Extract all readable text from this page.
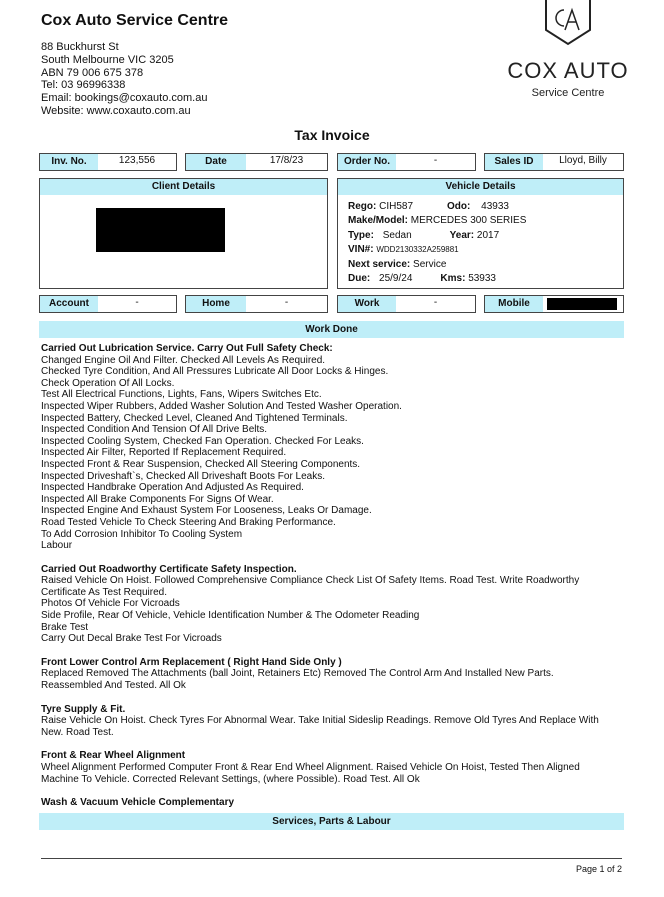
Cox Auto Service Centre
88 Buckhurst St
South Melbourne VIC 3205
ABN 79 006 675 378
Tel: 03 96996338
Email: bookings@coxauto.com.au
Website: www.coxauto.com.au
COX AUTO
Service Centre
Tax Invoice
Inv. No.	123,556	Date	17/8/23	Order No.	-	Sales ID	Lloyd, Billy
Client Details	Vehicle Details
Rego: CIH587	Odo: 43933
Make/Model: MERCEDES 300 SERIES
Type: Sedan	Year: 2017
VIN#: WDD2130332A259881
Next service: Service
Due: 25/9/24	Kms: 53933
Account	-	Home	-	Work	-	Mobile
Work Done
Carried Out Lubrication Service. Carry Out Full Safety Check:
Changed Engine Oil And Filter. Checked All Levels As Required.
Checked Tyre Condition, And All Pressures Lubricate All Door Locks & Hinges.
Check Operation Of All Locks.
Test All Electrical Functions, Lights, Fans, Wipers Switches Etc.
Inspected Wiper Rubbers, Added Washer Solution And Tested Washer Operation.
Inspected Battery, Checked Level, Cleaned And Tightened Terminals.
Inspected Condition And Tension Of All Drive Belts.
Inspected Cooling System, Checked Fan Operation. Checked For Leaks.
Inspected Air Filter, Reported If Replacement Required.
Inspected Front & Rear Suspension, Checked All Steering Components.
Inspected Driveshaft`s, Checked All Driveshaft Boots For Leaks.
Inspected Handbrake Operation And Adjusted As Required.
Inspected All Brake Components For Signs Of Wear.
Inspected Engine And Exhaust System For Looseness, Leaks Or Damage.
Road Tested Vehicle To Check Steering And Braking Performance.
To Add Corrosion Inhibitor To Cooling System
Labour
Carried Out Roadworthy Certificate Safety Inspection.
Raised Vehicle On Hoist. Followed Comprehensive Compliance Check List Of Safety Items. Road Test. Write Roadworthy
Certificate As Test Required.
Photos Of Vehicle For Vicroads
Side Profile, Rear Of Vehicle, Vehicle Identification Number & The Odometer Reading
Brake Test
Carry Out Decal Brake Test For Vicroads
Front Lower Control Arm Replacement ( Right Hand Side Only )
Replaced Removed The Attachments (ball Joint, Retainers Etc) Removed The Control Arm And Installed New Parts.
Reassembled And Tested. All Ok
Tyre Supply & Fit.
Raise Vehicle On Hoist. Check Tyres For Abnormal Wear. Take Initial Sideslip Readings. Remove Old Tyres And Replace With
New. Road Test.
Front & Rear Wheel Alignment
Wheel Alignment Performed Computer Front & Rear End Wheel Alignment. Raised Vehicle On Hoist, Tested Then Aligned
Machine To Vehicle. Corrected Relevant Settings, (where Possible). Road Test. All Ok
Wash & Vacuum Vehicle Complementary
Services, Parts & Labour
Page 1 of 2
